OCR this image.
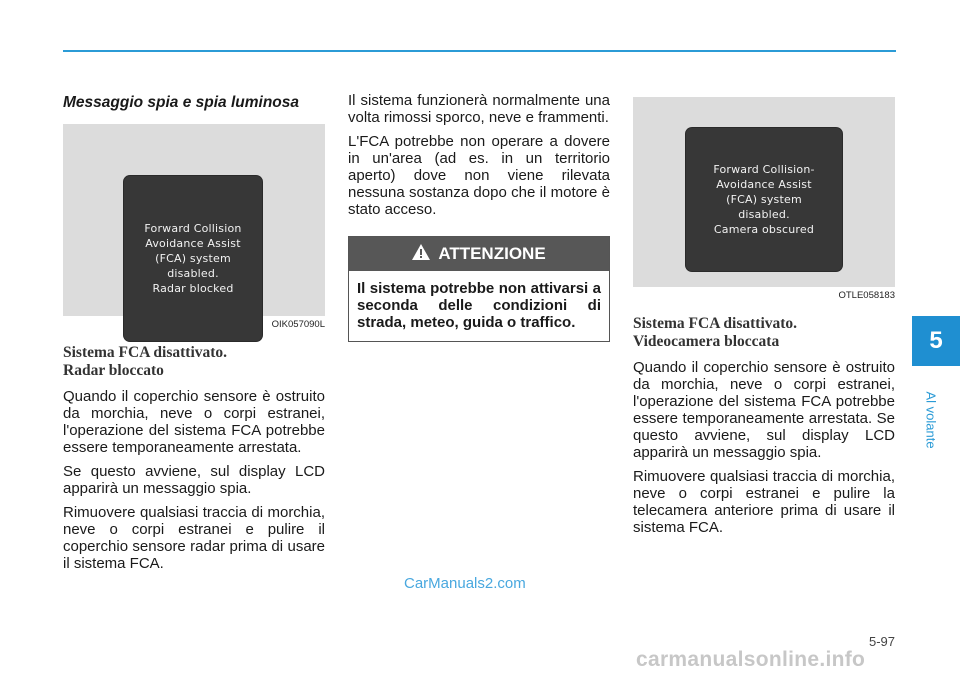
Messaggio spia e spia luminosa
Forward Collision
Avoidance Assist
(FCA) system
disabled.
Radar blocked
OIK057090L
Sistema FCA disattivato.
Radar bloccato
Quando il coperchio sensore è ostruito da morchia, neve o corpi estranei, l'operazione del sistema FCA potrebbe essere temporaneamente arrestata.
Se questo avviene, sul display LCD apparirà un messaggio spia.
Rimuovere qualsiasi traccia di morchia, neve o corpi estranei e pulire il coperchio sensore radar prima di usare il sistema FCA.
Il sistema funzionerà normalmente una volta rimossi sporco, neve e frammenti.
L'FCA potrebbe non operare a dovere in un'area (ad es. in un territorio aperto) dove non viene rilevata nessuna sostanza dopo che il motore è stato acceso.
ATTENZIONE
Il sistema potrebbe non attivarsi a seconda delle condizioni di strada, meteo, guida o traffico.
Forward Collision-
Avoidance Assist
(FCA) system
disabled.
Camera obscured
OTLE058183
Sistema FCA disattivato.
Videocamera bloccata
Quando il coperchio sensore è ostruito da morchia, neve o corpi estranei, l'operazione del sistema FCA potrebbe essere temporaneamente arrestata. Se questo avviene, sul display LCD apparirà un messaggio spia.
Rimuovere qualsiasi traccia di morchia, neve o corpi estranei e pulire la telecamera anteriore prima di usare il sistema FCA.
5
Al volante
5-97
CarManuals2.com
carmanualsonline.info
